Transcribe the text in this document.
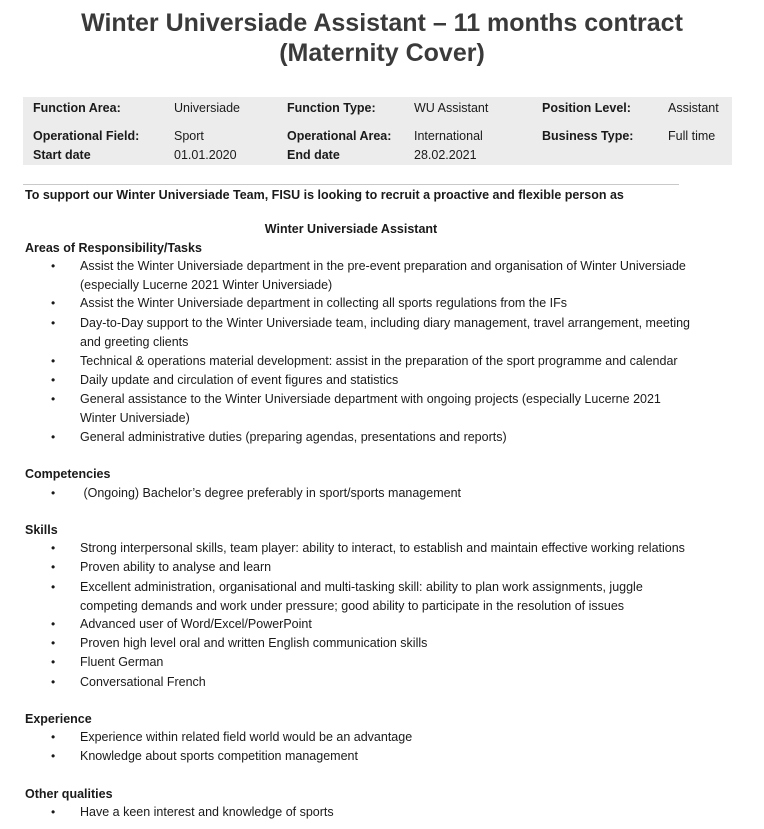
Winter Universiade Assistant – 11 months contract
(Maternity Cover)
Function Area:	Universiade	Function Type:	WU Assistant	Position Level:	Assistant
Operational Field:	Sport	Operational Area: International	Business Type:	Full time
Start date	01.01.2020	End date	28.02.2021
To support our Winter Universiade Team, FISU is looking to recruit a proactive and flexible person as
Winter Universiade Assistant
Areas of Responsibility/Tasks
• Assist the Winter Universiade department in the pre-event preparation and organisation of Winter Universiade (especially Lucerne 2021 Winter Universiade)
• Assist the Winter Universiade department in collecting all sports regulations from the IFs
• Day-to-Day support to the Winter Universiade team, including diary management, travel arrangement, meeting and greeting clients
• Technical & operations material development: assist in the preparation of the sport programme and calendar
• Daily update and circulation of event figures and statistics
• General assistance to the Winter Universiade department with ongoing projects (especially Lucerne 2021 Winter Universiade)
• General administrative duties (preparing agendas, presentations and reports)
Competencies
• (Ongoing) Bachelor’s degree preferably in sport/sports management
Skills
• Strong interpersonal skills, team player: ability to interact, to establish and maintain effective working relations
• Proven ability to analyse and learn
• Excellent administration, organisational and multi-tasking skill: ability to plan work assignments, juggle competing demands and work under pressure; good ability to participate in the resolution of issues
• Advanced user of Word/Excel/PowerPoint
• Proven high level oral and written English communication skills
• Fluent German
• Conversational French
Experience
• Experience within related field world would be an advantage
• Knowledge about sports competition management
Other qualities
• Have a keen interest and knowledge of sports
